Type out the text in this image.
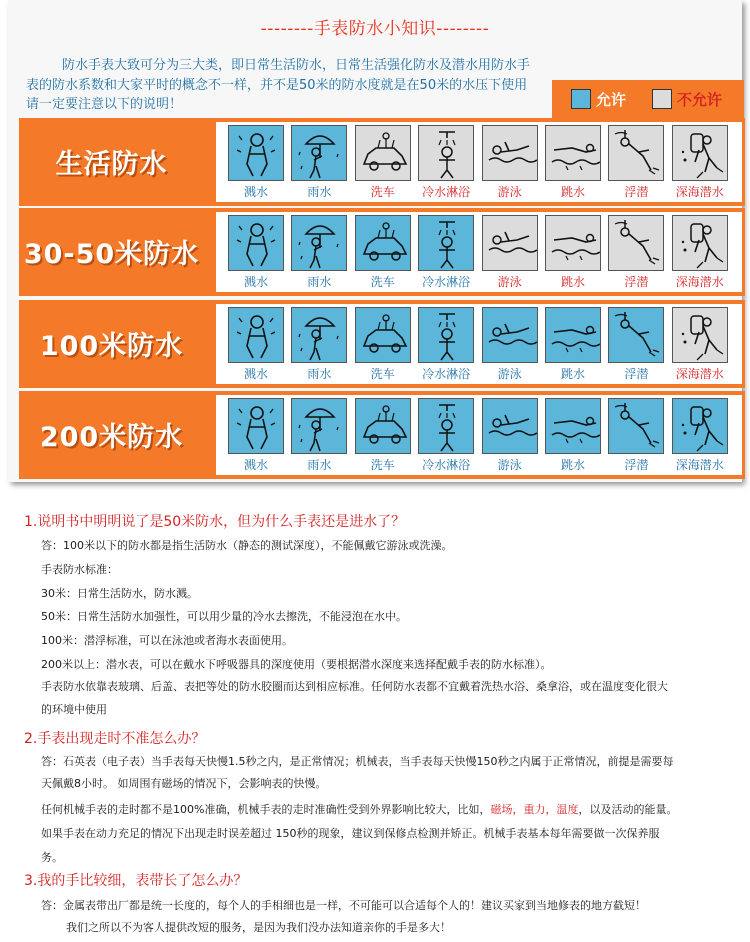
--------手表防水小知识--------
防水手表大致可分为三大类，即日常生活防水，日常生活强化防水及潜水用防水手表的防水系数和大家平时的概念不一样，并不是50米的防水度就是在50米的水压下使用请一定要注意以下的说明！	允许	不允许
生活防水
溅水	雨水	洗车	冷水淋浴	游泳	跳水	浮潜	深海潜水
30-50米防水
溅水	雨水	洗车	冷水淋浴	游泳	跳水	浮潜	深海潜水
100米防水
溅水	雨水	洗车	冷水淋浴	游泳	跳水	浮潜	深海潜水
200米防水
溅水	雨水	洗车	冷水淋浴	游泳	跳水	浮潜	深海潜水
1.说明书中明明说了是50米防水，但为什么手表还是进水了？
答：100米以下的防水都是指生活防水（静态的测试深度），不能佩戴它游泳或洗澡。
手表防水标准：
30米：日常生活防水，防水溅。
50米：日常生活防水加强性，可以用少量的冷水去擦洗，不能浸泡在水中。
100米：潜浮标准，可以在泳池或者海水表面使用。
200米以上：潜水表，可以在戴水下呼吸器具的深度使用（要根据潜水深度来选择配戴手表的防水标准）。
手表防水依靠表玻璃、后盖、表把等处的防水胶圈而达到相应标准。任何防水表都不宜戴着洗热水浴、桑拿浴，或在温度变化很大
的环境中使用
2.手表出现走时不准怎么办？
答：石英表（电子表）当手表每天快慢1.5秒之内，是正常情况；机械表，当手表每天快慢150秒之内属于正常情况，前提是需要每
天佩戴8小时。 如周围有磁场的情况下，会影响表的快慢。
任何机械手表的走时都不是100%准确，机械手表的走时准确性受到外界影响比较大，比如，磁场，重力，温度，以及活动的能量。
如果手表在动力充足的情况下出现走时误差超过 150秒的现象，建议到保修点检测并矫正。机械手表基本每年需要做一次保养服
务。
3.我的手比较细，表带长了怎么办？
答：金属表带出厂都是统一长度的，每个人的手相细也是一样，不可能可以合适每个人的！建议买家到当地修表的地方截短！
我们之所以不为客人提供改短的服务，是因为我们没办法知道亲你的手是多大！
